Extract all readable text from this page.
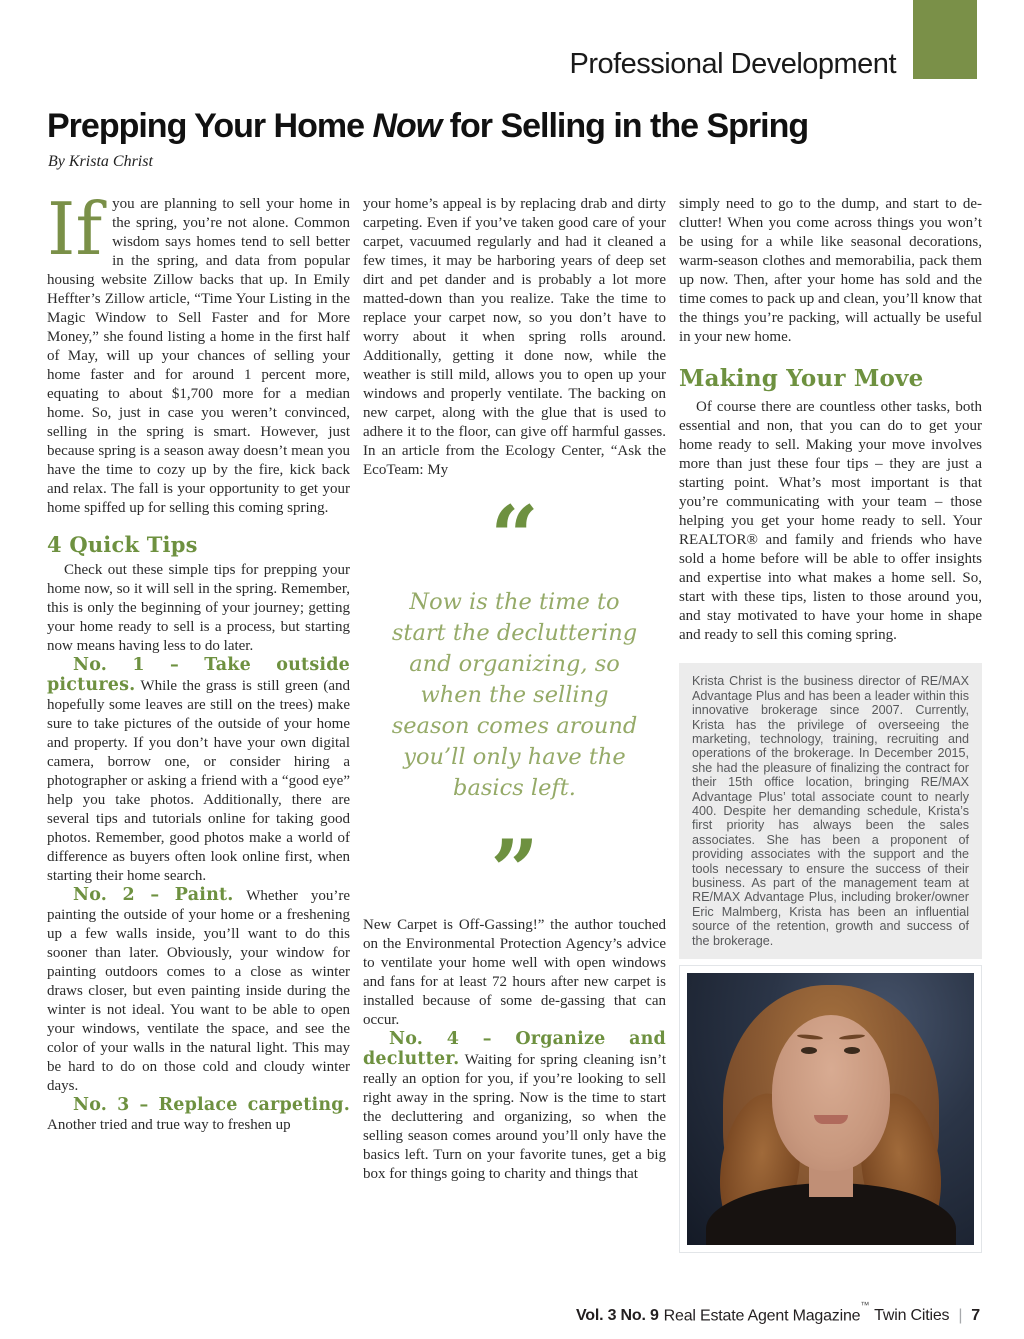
Professional Development
Prepping Your Home Now for Selling in the Spring
By Krista Christ

If you are planning to sell your home in the spring, you’re not alone. Common wisdom says homes tend to sell better in the spring, and data from popular housing website Zillow backs that up. In Emily Heffter’s Zillow article, “Time Your Listing in the Magic Window to Sell Faster and for More Money,” she found listing a home in the first half of May, will up your chances of selling your home faster and for around 1 percent more, equating to about $1,700 more for a median home. So, just in case you weren’t convinced, selling in the spring is smart. However, just because spring is a season away doesn’t mean you have the time to cozy up by the fire, kick back and relax. The fall is your opportunity to get your home spiffed up for selling this coming spring.

4 Quick Tips

Check out these simple tips for prepping your home now, so it will sell in the spring. Remember, this is only the beginning of your journey; getting your home ready to sell is a process, but starting now means having less to do later.

No. 1 – Take outside pictures. While the grass is still green (and hopefully some leaves are still on the trees) make sure to take pictures of the outside of your home and property. If you don’t have your own digital camera, borrow one, or consider hiring a photographer or asking a friend with a “good eye” help you take photos. Additionally, there are several tips and tutorials online for taking good photos. Remember, good photos make a world of difference as buyers often look online first, when starting their home search.

No. 2 – Paint. Whether you’re painting the outside of your home or a freshening up a few walls inside, you’ll want to do this sooner than later. Obviously, your window for painting outdoors comes to a close as winter draws closer, but even painting inside during the winter is not ideal. You want to be able to open your windows, ventilate the space, and see the color of your walls in the natural light. This may be hard to do on those cold and cloudy winter days.

No. 3 – Replace carpeting. Another tried and true way to freshen up

your home’s appeal is by replacing drab and dirty carpeting. Even if you’ve taken good care of your carpet, vacuumed regularly and had it cleaned a few times, it may be harboring years of deep set dirt and pet dander and is probably a lot more matted-down than you realize. Take the time to replace your carpet now, so you don’t have to worry about it when spring rolls around. Additionally, getting it done now, while the weather is still mild, allows you to open up your windows and properly ventilate. The backing on new carpet, along with the glue that is used to adhere it to the floor, can give off harmful gasses. In an article from the Ecology Center, “Ask the EcoTeam: My

“

Now is the time to start the decluttering and organizing, so when the selling season comes around you’ll only have the basics left.

”

New Carpet is Off-Gassing!” the author touched on the Environmental Protection Agency’s advice to ventilate your home well with open windows and fans for at least 72 hours after new carpet is installed because of some de-gassing that can occur.

No. 4 – Organize and declutter. Waiting for spring cleaning isn’t really an option for you, if you’re looking to sell right away in the spring. Now is the time to start the decluttering and organizing, so when the selling season comes around you’ll only have the basics left. Turn on your favorite tunes, get a big box for things going to charity and things that

simply need to go to the dump, and start to de-clutter! When you come across things you won’t be using for a while like seasonal decorations, warm-season clothes and memorabilia, pack them up now. Then, after your home has sold and the time comes to pack up and clean, you’ll know that the things you’re packing, will actually be useful in your new home.

Making Your Move

Of course there are countless other tasks, both essential and non, that you can do to get your home ready to sell. Making your move involves more than just these four tips – they are just a starting point. What’s most important is that you’re communicating with your team – those helping you get your home ready to sell. Your REALTOR® and family and friends who have sold a home before will be able to offer insights and expertise into what makes a home sell. So, start with these tips, listen to those around you, and stay motivated to have your home in shape and ready to sell this coming spring.

Krista Christ is the business director of RE/MAX Advantage Plus and has been a leader within this innovative brokerage since 2007. Currently, Krista has the privilege of overseeing the marketing, technology, training, recruiting and operations of the brokerage. In December 2015, she had the pleasure of finalizing the contract for their 15th office location, bringing RE/MAX Advantage Plus’ total associate count to nearly 400. Despite her demanding schedule, Krista’s first priority has always been the sales associates. She has been a proponent of providing associates with the support and the tools necessary to ensure the success of their business. As part of the management team at RE/MAX Advantage Plus, including broker/owner Eric Malmberg, Krista has been an influential source of the retention, growth and success of the brokerage.
Vol. 3 No. 9 Real Estate Agent Magazine™
Twin Cities | 7
